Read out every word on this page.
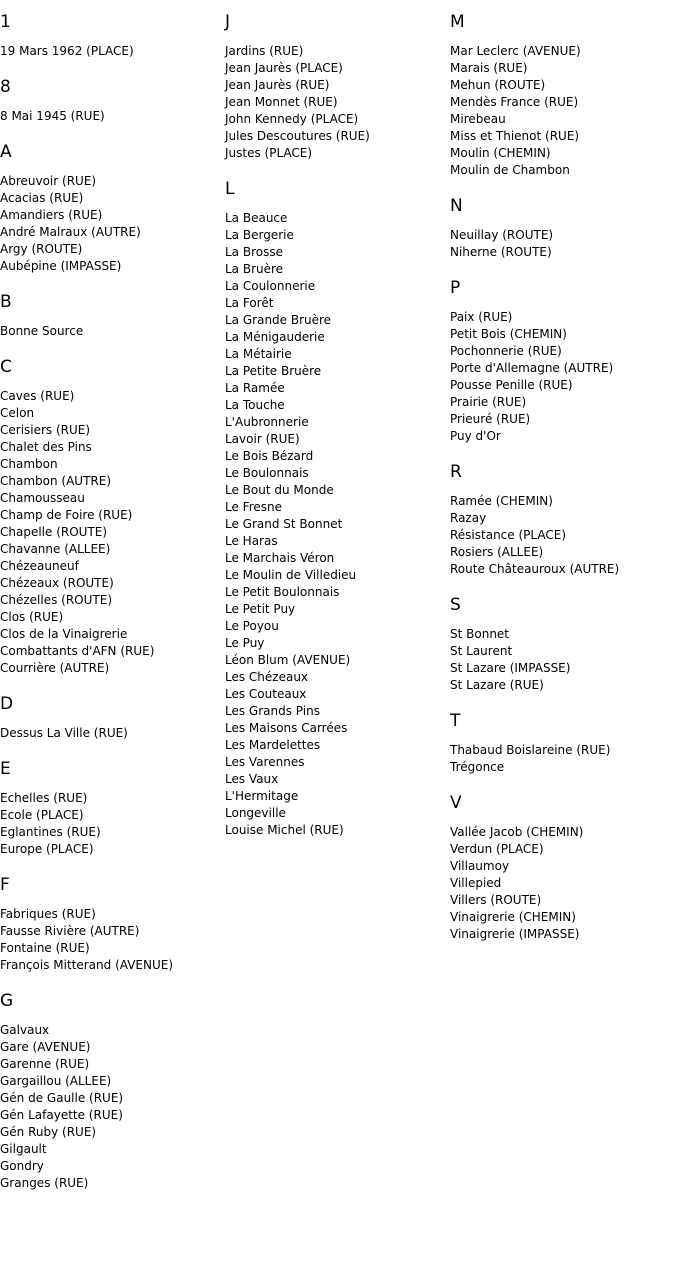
1
19 Mars 1962 (PLACE)
8
8 Mai 1945 (RUE)
A
Abreuvoir (RUE)
Acacias (RUE)
Amandiers (RUE)
André Malraux (AUTRE)
Argy (ROUTE)
Aubépine (IMPASSE)
B
Bonne Source
C
Caves (RUE)
Celon
Cerisiers (RUE)
Chalet des Pins
Chambon
Chambon (AUTRE)
Chamousseau
Champ de Foire (RUE)
Chapelle (ROUTE)
Chavanne (ALLEE)
Chézeauneuf
Chézeaux (ROUTE)
Chézelles (ROUTE)
Clos (RUE)
Clos de la Vinaigrerie
Combattants d'AFN (RUE)
Courrière (AUTRE)
D
Dessus La Ville (RUE)
E
Echelles (RUE)
Ecole (PLACE)
Eglantines (RUE)
Europe (PLACE)
F
Fabriques (RUE)
Fausse Rivière (AUTRE)
Fontaine (RUE)
François Mitterand (AVENUE)
G
Galvaux
Gare (AVENUE)
Garenne (RUE)
Gargaillou (ALLEE)
Gén de Gaulle (RUE)
Gén Lafayette (RUE)
Gén Ruby (RUE)
Gilgault
Gondry
Granges (RUE)
J
Jardins (RUE)
Jean Jaurès (PLACE)
Jean Jaurès (RUE)
Jean Monnet (RUE)
John Kennedy (PLACE)
Jules Descoutures (RUE)
Justes (PLACE)
L
La Beauce
La Bergerie
La Brosse
La Bruère
La Coulonnerie
La Forêt
La Grande Bruère
La Ménigauderie
La Métairie
La Petite Bruère
La Ramée
La Touche
L'Aubronnerie
Lavoir (RUE)
Le Bois Bézard
Le Boulonnais
Le Bout du Monde
Le Fresne
Le Grand St Bonnet
Le Haras
Le Marchais Véron
Le Moulin de Villedieu
Le Petit Boulonnais
Le Petit Puy
Le Poyou
Le Puy
Léon Blum (AVENUE)
Les Chézeaux
Les Couteaux
Les Grands Pins
Les Maisons Carrées
Les Mardelettes
Les Varennes
Les Vaux
L'Hermitage
Longeville
Louise Michel (RUE)
M
Mar Leclerc (AVENUE)
Marais (RUE)
Mehun (ROUTE)
Mendès France (RUE)
Mirebeau
Miss et Thienot (RUE)
Moulin (CHEMIN)
Moulin de Chambon
N
Neuillay (ROUTE)
Niherne (ROUTE)
P
Paix (RUE)
Petit Bois (CHEMIN)
Pochonnerie (RUE)
Porte d'Allemagne (AUTRE)
Pousse Penille (RUE)
Prairie (RUE)
Prieuré (RUE)
Puy d'Or
R
Ramée (CHEMIN)
Razay
Résistance (PLACE)
Rosiers (ALLEE)
Route Châteauroux (AUTRE)
S
St Bonnet
St Laurent
St Lazare (IMPASSE)
St Lazare (RUE)
T
Thabaud Boislareine (RUE)
Trégonce
V
Vallée Jacob (CHEMIN)
Verdun (PLACE)
Villaumoy
Villepied
Villers (ROUTE)
Vinaigrerie (CHEMIN)
Vinaigrerie (IMPASSE)
